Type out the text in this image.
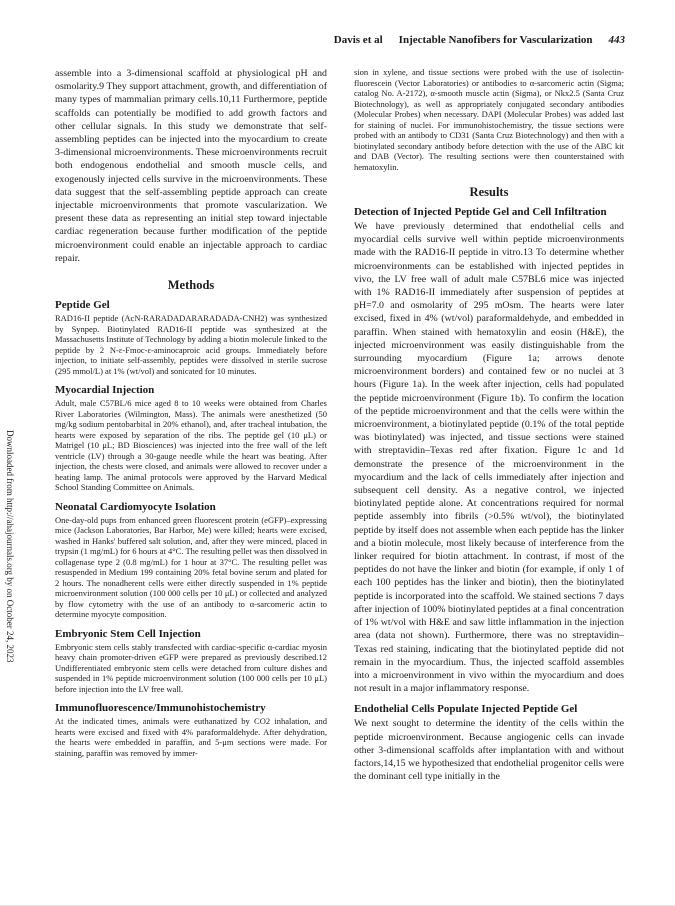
Davis et al Injectable Nanofibers for Vascularization 443
Downloaded from http://ahajournals.org by on October 24, 2023

assemble into a 3-dimensional scaffold at physiological pH and osmolarity.9 They support attachment, growth, and differentiation of many types of mammalian primary cells.10,11 Furthermore, peptide scaffolds can potentially be modified to add growth factors and other cellular signals. In this study we demonstrate that self-assembling peptides can be injected into the myocardium to create 3-dimensional microenvironments. These microenvironments recruit both endogenous endothelial and smooth muscle cells, and exogenously injected cells survive in the microenvironments. These data suggest that the self-assembling peptide approach can create injectable microenvironments that promote vascularization. We present these data as representing an initial step toward injectable cardiac regeneration because further modification of the peptide microenvironment could enable an injectable approach to cardiac repair.

Methods
Peptide Gel

RAD16-II peptide (AcN-RARADADARARADADA-CNH2) was synthesized by Synpep. Biotinylated RAD16-II peptide was synthesized at the Massachusetts Institute of Technology by adding a biotin molecule linked to the peptide by 2 N-ε-Fmoc-ε-aminocaproic acid groups. Immediately before injection, to initiate self-assembly, peptides were dissolved in sterile sucrose (295 mmol/L) at 1% (wt/vol) and sonicated for 10 minutes.

Myocardial Injection

Adult, male C57BL/6 mice aged 8 to 10 weeks were obtained from Charles River Laboratories (Wilmington, Mass). The animals were anesthetized (50 mg/kg sodium pentobarbital in 20% ethanol), and, after tracheal intubation, the hearts were exposed by separation of the ribs. The peptide gel (10 μL) or Matrigel (10 μL; BD Biosciences) was injected into the free wall of the left ventricle (LV) through a 30-gauge needle while the heart was beating. After injection, the chests were closed, and animals were allowed to recover under a heating lamp. The animal protocols were approved by the Harvard Medical School Standing Committee on Animals.

Neonatal Cardiomyocyte Isolation

One-day-old pups from enhanced green fluorescent protein (eGFP)–expressing mice (Jackson Laboratories, Bar Harbor, Me) were killed; hearts were excised, washed in Hanks' buffered salt solution, and, after they were minced, placed in trypsin (1 mg/mL) for 6 hours at 4°C. The resulting pellet was then dissolved in collagenase type 2 (0.8 mg/mL) for 1 hour at 37°C. The resulting pellet was resuspended in Medium 199 containing 20% fetal bovine serum and plated for 2 hours. The nonadherent cells were either directly suspended in 1% peptide microenvironment solution (100 000 cells per 10 μL) or collected and analyzed by flow cytometry with the use of an antibody to α-sarcomeric actin to determine myocyte composition.

Embryonic Stem Cell Injection

Embryonic stem cells stably transfected with cardiac-specific α-cardiac myosin heavy chain promoter-driven eGFP were prepared as previously described.12 Undifferentiated embryonic stem cells were detached from culture dishes and suspended in 1% peptide microenvironment solution (100 000 cells per 10 μL) before injection into the LV free wall.

Immunofluorescence/Immunohistochemistry

At the indicated times, animals were euthanatized by CO2 inhalation, and hearts were excised and fixed with 4% paraformaldehyde. After dehydration, the hearts were embedded in paraffin, and 5-μm sections were made. For staining, paraffin was removed by immer-

sion in xylene, and tissue sections were probed with the use of isolectin-fluorescein (Vector Laboratories) or antibodies to α-sarcomeric actin (Sigma; catalog No. A-2172), α-smooth muscle actin (Sigma), or Nkx2.5 (Santa Cruz Biotechnology), as well as appropriately conjugated secondary antibodies (Molecular Probes) when necessary. DAPI (Molecular Probes) was added last for staining of nuclei. For immunohistochemistry, the tissue sections were probed with an antibody to CD31 (Santa Cruz Biotechnology) and then with a biotinylated secondary antibody before detection with the use of the ABC kit and DAB (Vector). The resulting sections were then counterstained with hematoxylin.

Results
Detection of Injected Peptide Gel and Cell Infiltration

We have previously determined that endothelial cells and myocardial cells survive well within peptide microenvironments made with the RAD16-II peptide in vitro.13 To determine whether microenvironments can be established with injected peptides in vivo, the LV free wall of adult male C57BL6 mice was injected with 1% RAD16-II immediately after suspension of peptides at pH=7.0 and osmolarity of 295 mOsm. The hearts were later excised, fixed in 4% (wt/vol) paraformaldehyde, and embedded in paraffin. When stained with hematoxylin and eosin (H&E), the injected microenvironment was easily distinguishable from the surrounding myocardium (Figure 1a; arrows denote microenvironment borders) and contained few or no nuclei at 3 hours (Figure 1a). In the week after injection, cells had populated the peptide microenvironment (Figure 1b). To confirm the location of the peptide microenvironment and that the cells were within the microenvironment, a biotinylated peptide (0.1% of the total peptide was biotinylated) was injected, and tissue sections were stained with streptavidin–Texas red after fixation. Figure 1c and 1d demonstrate the presence of the microenvironment in the myocardium and the lack of cells immediately after injection and subsequent cell density. As a negative control, we injected biotinylated peptide alone. At concentrations required for normal peptide assembly into fibrils (>0.5% wt/vol), the biotinylated peptide by itself does not assemble when each peptide has the linker and a biotin molecule, most likely because of interference from the linker required for biotin attachment. In contrast, if most of the peptides do not have the linker and biotin (for example, if only 1 of each 100 peptides has the linker and biotin), then the biotinylated peptide is incorporated into the scaffold. We stained sections 7 days after injection of 100% biotinylated peptides at a final concentration of 1% wt/vol with H&E and saw little inflammation in the injection area (data not shown). Furthermore, there was no streptavidin–Texas red staining, indicating that the biotinylated peptide did not remain in the myocardium. Thus, the injected scaffold assembles into a microenvironment in vivo within the myocardium and does not result in a major inflammatory response.

Endothelial Cells Populate Injected Peptide Gel

We next sought to determine the identity of the cells within the peptide microenvironment. Because angiogenic cells can invade other 3-dimensional scaffolds after implantation with and without factors,14,15 we hypothesized that endothelial progenitor cells were the dominant cell type initially in the
